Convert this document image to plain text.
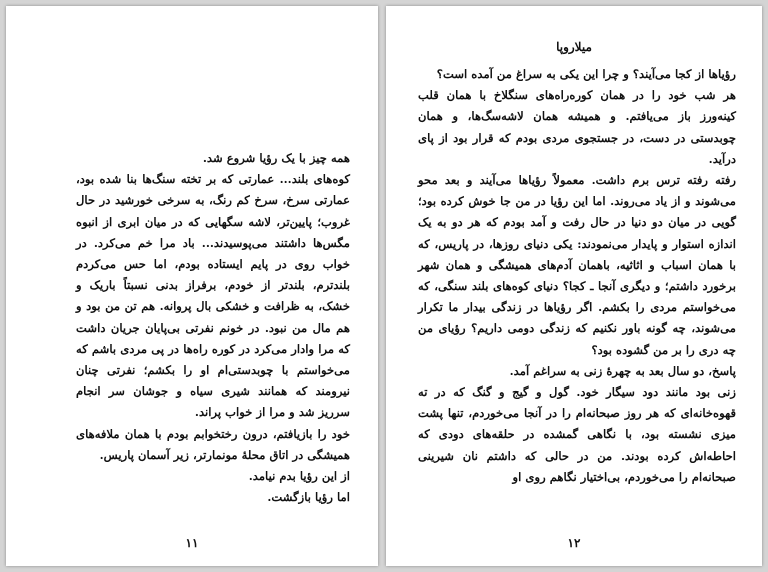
همه چیز با یک رؤیا شروع شد.

کوه‌های بلند... عمارتی که بر تخته سنگ‌ها بنا شده بود، عمارتی سرخ، سرخ کم رنگ، به سرخی خورشید در حال غروب؛ پایین‌تر، لاشه سگهایی که در میان ابری از انبوه مگس‌ها داشتند می‌پوسیدند... باد مرا خم می‌کرد. در خواب روی در پایم ایستاده بودم، اما حس می‌کردم بلندترم، بلندتر از خودم، برفراز بدنی نسبتاً باریک و خشک، به ظرافت و خشکی بال پروانه. هم تن من بود و هم مال من نبود. در خونم نفرتی بی‌پایان جریان داشت که مرا وادار می‌کرد در کوره راه‌ها در پی مردی باشم که می‌خواستم با چوبدستی‌ام او را بکشم؛ نفرتی چنان نیرومند که همانند شیری سیاه و جوشان سر انجام سرریز شد و مرا از خواب پراند.

خود را بازیافتم، درون رختخوابم بودم با همان ملافه‌های همیشگی در اتاق محلهٔ مونمارتر، زیر آسمان پاریس.

از این رؤیا بدم نیامد.

اما رؤیا بازگشت.

۱۱
میلاروپا

رؤیاها از کجا می‌آیند؟ و چرا این یکی به سراغ من آمده است؟

هر شب خود را در همان کوره‌راه‌های سنگلاخ با همان قلب کینه‌ورز باز می‌یافتم. و همیشه همان لاشه‌سگ‌ها، و همان چوبدستی در دست، در جستجوی مردی بودم که قرار بود از پای درآید.

رفته رفته ترس برم داشت. معمولاً رؤیاها می‌آیند و بعد محو می‌شوند و از یاد می‌روند. اما این رؤیا در من جا خوش کرده بود؛ گویی در میان دو دنیا در حال رفت و آمد بودم که هر دو به یک اندازه استوار و پایدار می‌نمودند: یکی دنیای روزها، در پاریس، که با همان اسباب و اثاثیه، باهمان آدم‌های همیشگی و همان شهر برخورد داشتم؛ و دیگری آنجا ـ کجا؟ دنیای کوه‌های بلند سنگی، که می‌خواستم مردی را بکشم. اگر رؤیاها در زندگی بیدار ما تکرار می‌شوند، چه گونه باور نکنیم که زندگی دومی داریم؟ رؤیای من چه دری را بر من گشوده بود؟

پاسخ، دو سال بعد به چهرهٔ زنی به سراغم آمد.

زنی بود مانند دود سیگار خود. گول و گیج و گنگ که در ته قهوه‌خانه‌ای که هر روز صبحانه‌ام را در آنجا می‌خوردم، تنها پشت میزی نشسته بود، با نگاهی گمشده در حلقه‌های دودی که احاطه‌اش کرده بودند. من در حالی که داشتم نان شیرینی صبحانه‌ام را می‌خوردم، بی‌اختیار نگاهم روی او

۱۲
